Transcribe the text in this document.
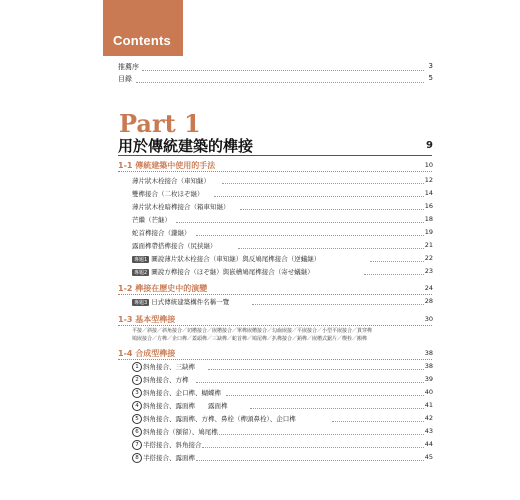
Contents
推薦序	3
目錄	5
Part 1
用於傳統建築的榫接	9
1-1 傳統建築中使用的手法	10
薄片狀木栓接合（車知継）	12
雙榫接合（二枚ほぞ継）	14
薄片狀木栓暗榫接合（箱車知継）	16
芒繼（芒継）	18
蛇首榫接合（鎌継）	19
露面榫帶搭榫接合（尻挟継）	21
專題1 圖說薄片狀木栓接合（車知継）與反鳩尾榫接合（逆蟻継）	22
專題2 圖說方榫接合（ほぞ継）與嵌槽鳩尾榫接合（寄せ蟻継）	23
1-2 榫接在歷史中的演變	24
專題3 日式傳統建築構件名稱一覽	28
1-3 基本型榫接	30
平接／斜接／斜角接合／切槽接合／嵌槽接合／單榫嵌槽接合／勾齒嵌接／平嵌接合／小型平嵌接合／貫穿榫
鳩嵌接合／方榫／企口榫／蓋頭榫／三缺榫／蛇首榫／鳩尾榫／扒榫接合／銷榫／嵌槽式鋸片／楔栓／搬榫
1-4 合成型榫接	38
1 斜角接合、三缺榫	38
2 斜角接合、方榫	39
3 斜角接合、企口榫、蝴蝶榫	40
4 斜角接合、露面榫　　露面榫	41
5 斜角接合、露面榫、方榫、鼻栓（榫頭鼻栓）、企口榫	42
6 斜角接合（額留）、鳩尾榫	43
7 半搭接合、斜角接合	44
8 半搭接合、露面榫	45
